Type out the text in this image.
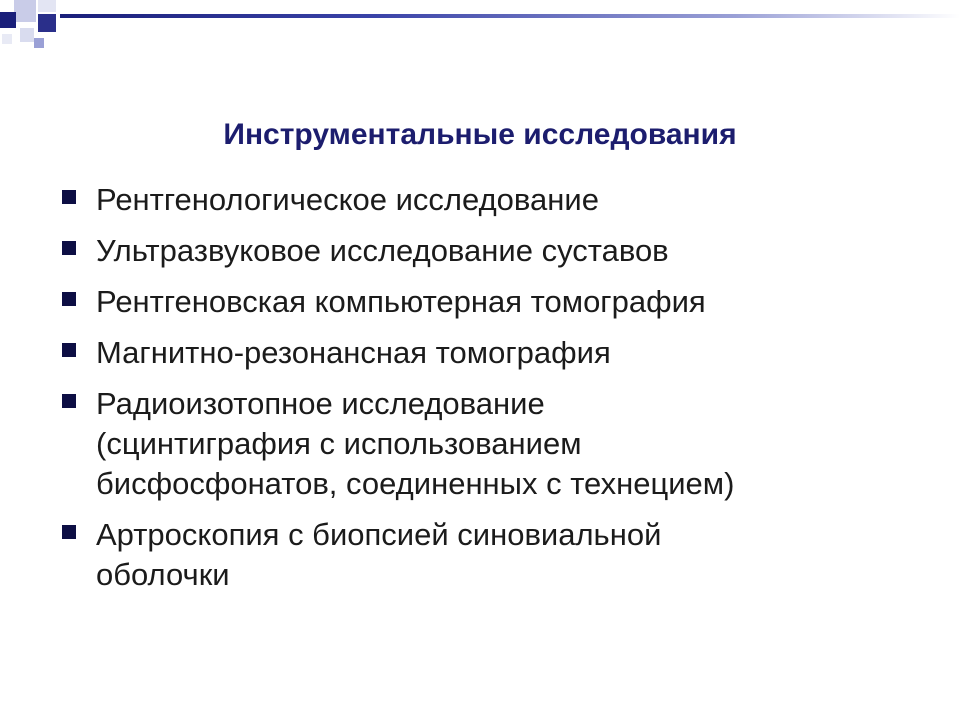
Инструментальные исследования
Рентгенологическое исследование
Ультразвуковое исследование суставов
Рентгеновская компьютерная томография
Магнитно-резонансная томография
Радиоизотопное исследование
(сцинтиграфия с использованием
бисфосфонатов, соединенных с технецием)
Артроскопия с биопсией синовиальной
оболочки
